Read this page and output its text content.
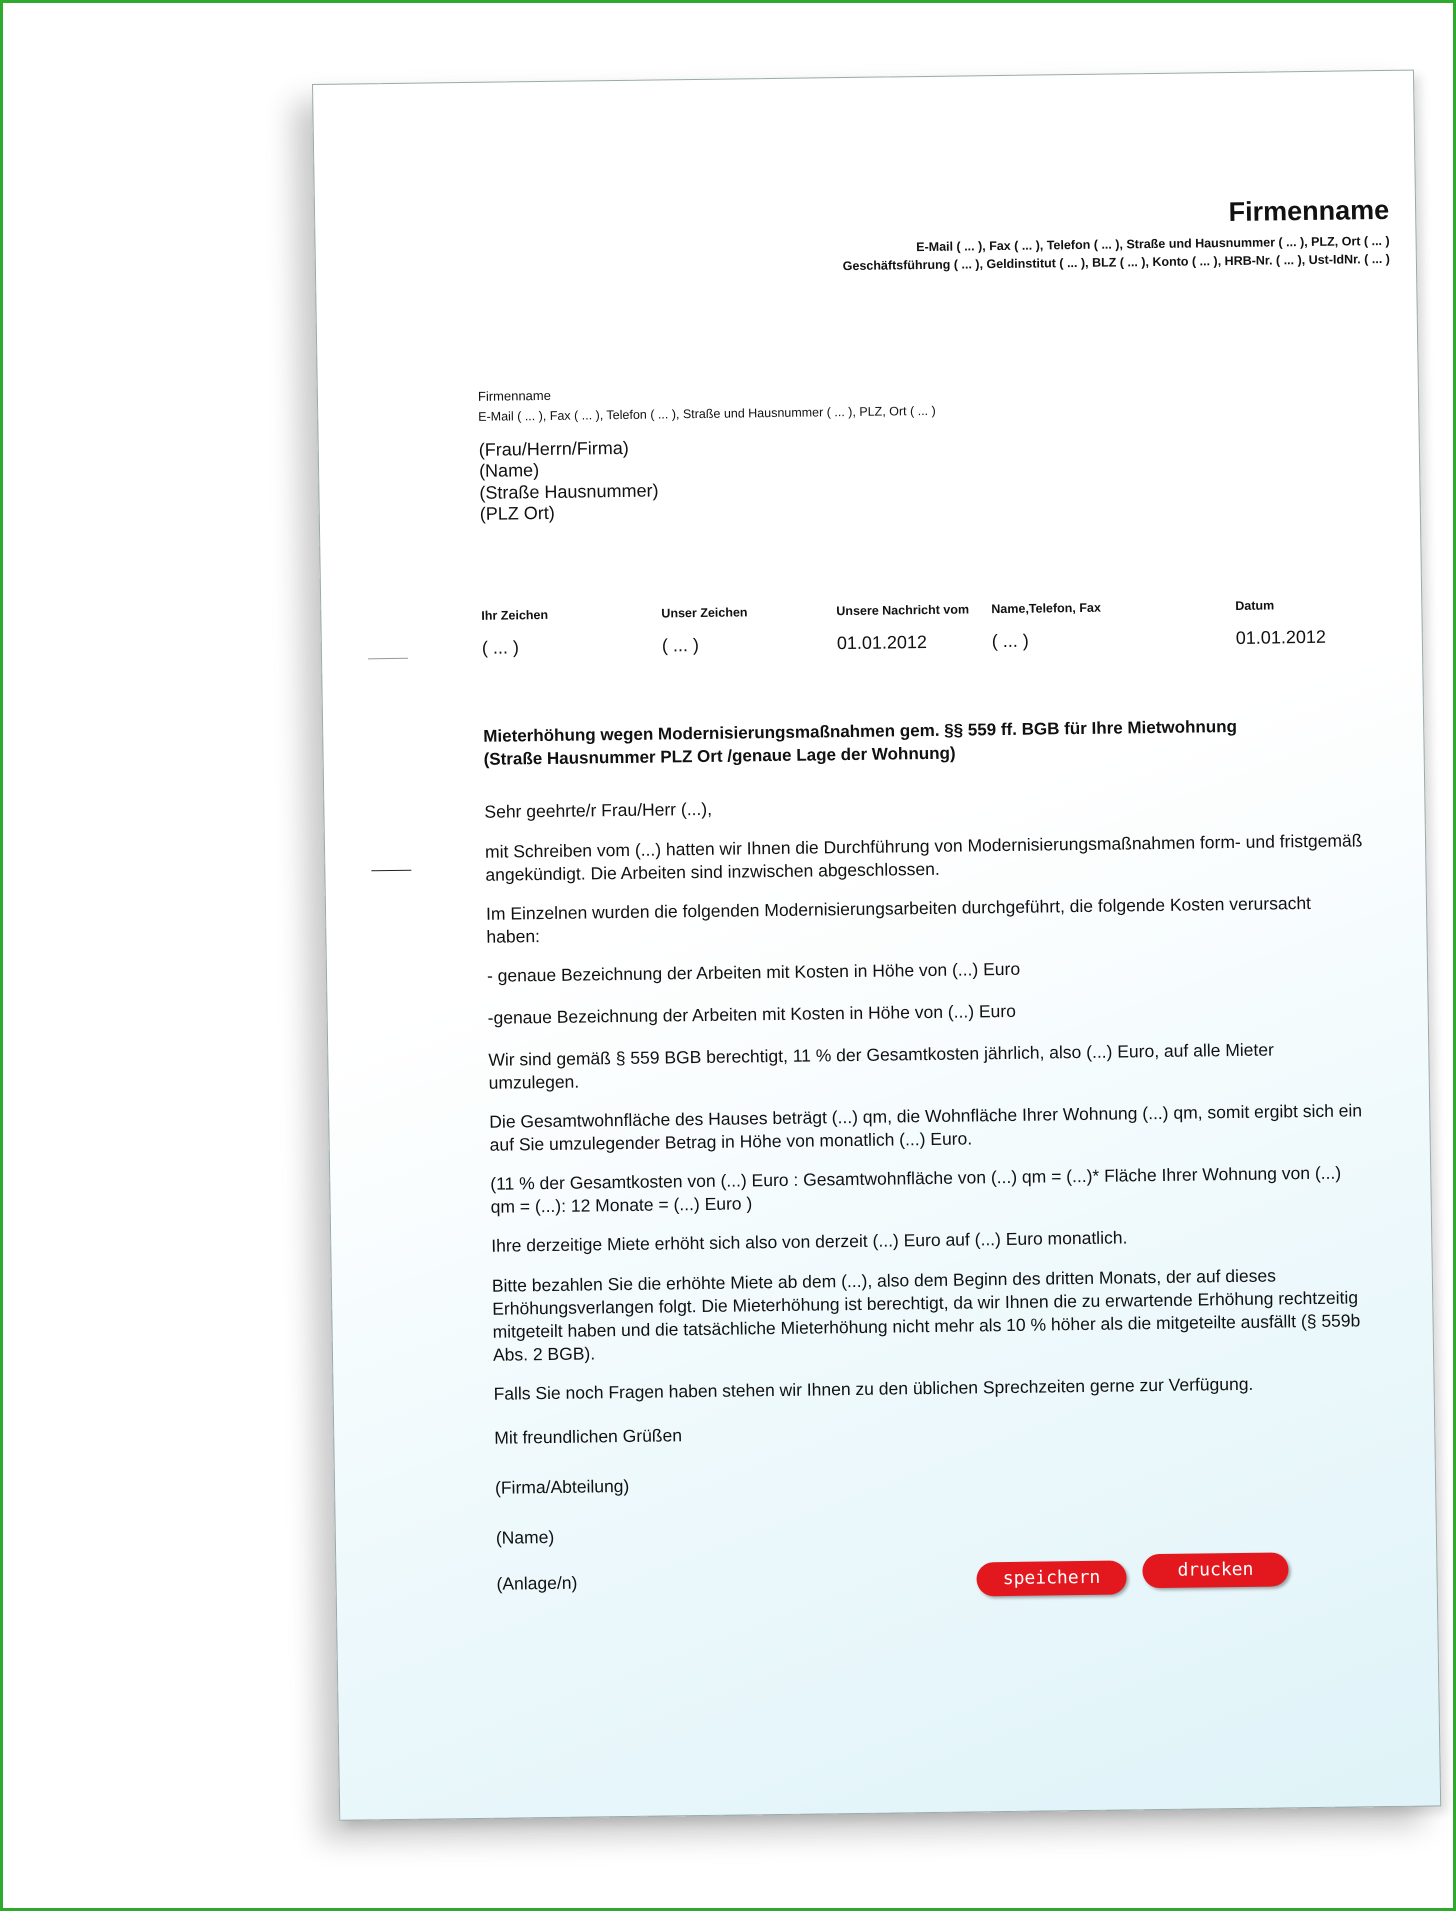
Firmenname
E-Mail ( ... ), Fax ( ... ), Telefon ( ... ), Straße und Hausnummer ( ... ), PLZ, Ort ( ... )
Geschäftsführung ( ... ), Geldinstitut ( ... ), BLZ ( ... ), Konto ( ... ), HRB-Nr. ( ... ), Ust-IdNr. ( ... )
Firmenname
E-Mail ( ... ), Fax ( ... ), Telefon ( ... ), Straße und Hausnummer ( ... ), PLZ, Ort ( ... )
(Frau/Herrn/Firma)
(Name)
(Straße Hausnummer)
(PLZ Ort)
Ihr Zeichen
( ... )
Unser Zeichen
( ... )
Unsere Nachricht vom
01.01.2012
Name,Telefon, Fax
( ... )
Datum
01.01.2012
Mieterhöhung wegen Modernisierungsmaßnahmen gem. §§ 559 ff. BGB für Ihre Mietwohnung
(Straße Hausnummer PLZ Ort /genaue Lage der Wohnung)
Sehr geehrte/r Frau/Herr (...),
mit Schreiben vom (...) hatten wir Ihnen die Durchführung von Modernisierungsmaßnahmen form- und fristgemäß angekündigt. Die Arbeiten sind inzwischen abgeschlossen.
Im Einzelnen wurden die folgenden Modernisierungsarbeiten durchgeführt, die folgende Kosten verursacht haben:
- genaue Bezeichnung der Arbeiten mit Kosten in Höhe von (...) Euro
-genaue Bezeichnung der Arbeiten mit Kosten in Höhe von (...) Euro
Wir sind gemäß § 559 BGB berechtigt, 11 % der Gesamtkosten jährlich, also (...) Euro, auf alle Mieter umzulegen.
Die Gesamtwohnfläche des Hauses beträgt (...) qm, die Wohnfläche Ihrer Wohnung (...) qm, somit ergibt sich ein auf Sie umzulegender Betrag in Höhe von monatlich (...) Euro.
(11 % der Gesamtkosten von (...) Euro : Gesamtwohnfläche von (...) qm = (...)* Fläche Ihrer Wohnung von (...) qm = (...): 12 Monate = (...) Euro )
Ihre derzeitige Miete erhöht sich also von derzeit (...) Euro auf (...) Euro monatlich.
Bitte bezahlen Sie die erhöhte Miete ab dem (...), also dem Beginn des dritten Monats, der auf dieses Erhöhungsverlangen folgt. Die Mieterhöhung ist berechtigt, da wir Ihnen die zu erwartende Erhöhung rechtzeitig mitgeteilt haben und die tatsächliche Mieterhöhung nicht mehr als 10 % höher als die mitgeteilte ausfällt (§ 559b Abs. 2 BGB).
Falls Sie noch Fragen haben stehen wir Ihnen zu den üblichen Sprechzeiten gerne zur Verfügung.
Mit freundlichen Grüßen
(Firma/Abteilung)
(Name)
(Anlage/n)	speichern	drucken
